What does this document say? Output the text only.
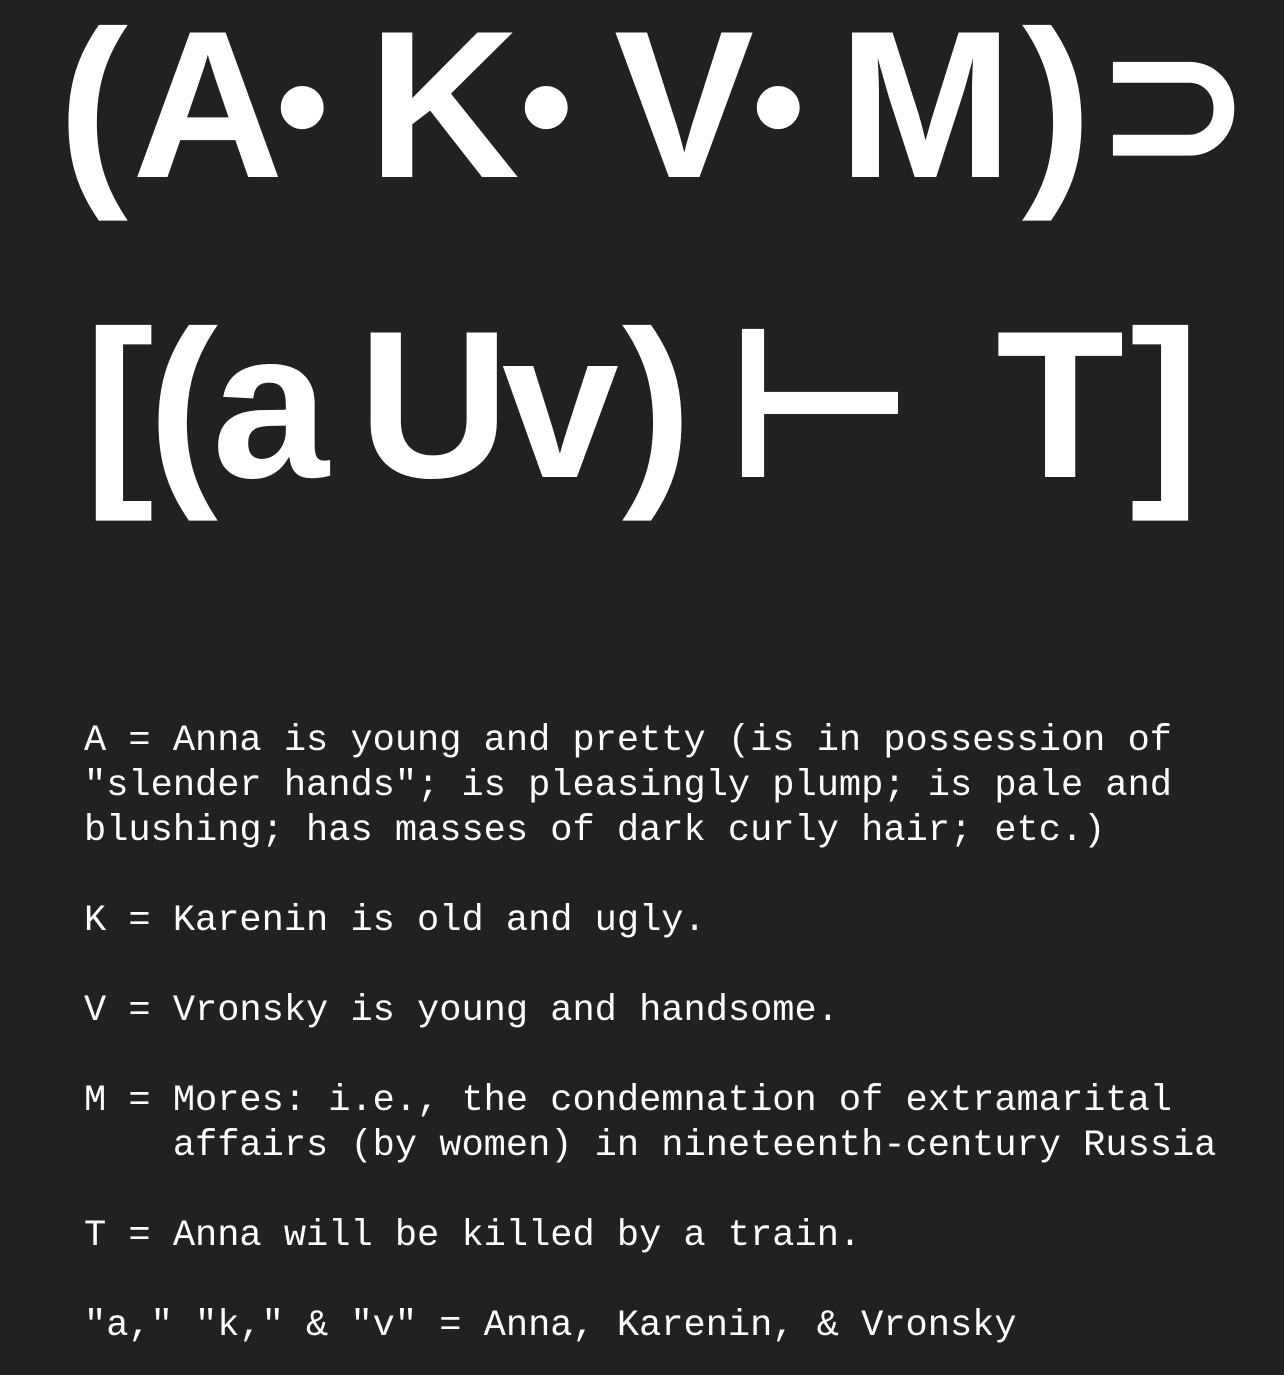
( A
• K • V
• M ) ⊃
[
(
a U
v ) ⊢ T ]
A = Anna is young and pretty (is in possession of
"slender hands"; is pleasingly plump; is pale and
blushing; has masses of dark curly hair; etc.)
K = Karenin is old and ugly.
V = Vronsky is young and handsome.
M = Mores: i.e., the condemnation of extramarital
affairs (by women) in nineteenth-century Russia
T = Anna will be killed by a train.
"a," "k," & "v" = Anna, Karenin, & Vronsky
